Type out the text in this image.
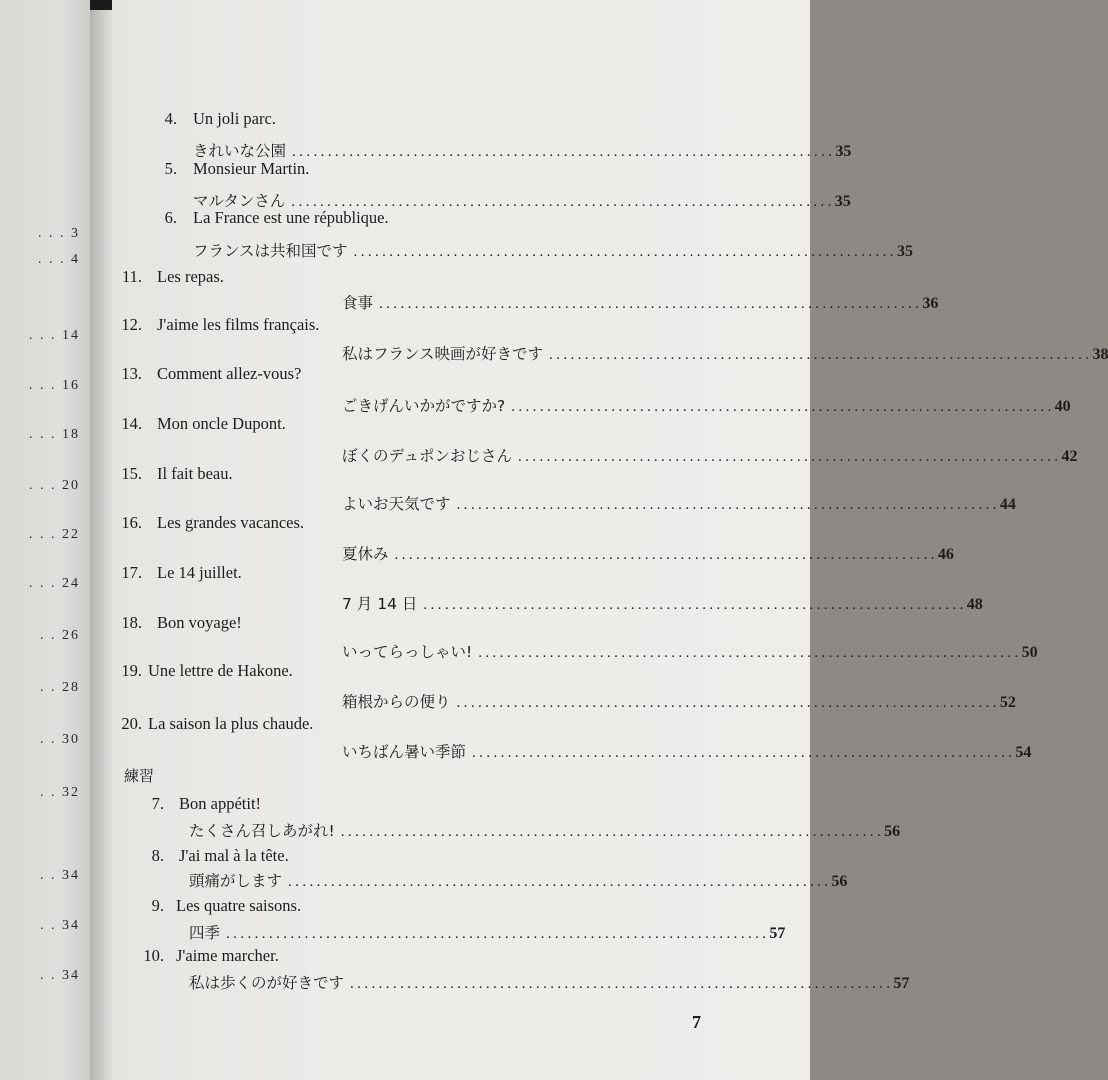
. . . 3
. . . 4
. . . 14
. . . 16
. . . 18
. . . 20
. . . 22
. . . 24
. . 26
. . 28
. . 30
. . 32
. . 34
. . 34
. . 34
4. Un joli parc.
きれいな公園 ............................................................................ 35
5. Monsieur Martin.
マルタンさん ............................................................................ 35
6. La France est une république.
フランスは共和国です ............................................................................ 35
11. Les repas.
食事 ............................................................................ 36
12. J'aime les films français.
私はフランス映画が好きです ............................................................................ 38
13. Comment allez-vous?
ごきげんいかがですか? ............................................................................ 40
14. Mon oncle Dupont.
ぼくのデュポンおじさん ............................................................................ 42
15. Il fait beau.
よいお天気です ............................................................................ 44
16. Les grandes vacances.
夏休み ............................................................................ 46
17. Le 14 juillet.
7 月 14 日 ............................................................................ 48
18. Bon voyage!
いってらっしゃい! ............................................................................ 50
19. Une lettre de Hakone.
箱根からの便り ............................................................................ 52
20. La saison la plus chaude.
いちばん暑い季節 ............................................................................ 54
練習
7. Bon appétit!
たくさん召しあがれ! ............................................................................ 56
8. J'ai mal à la tête.
頭痛がします ............................................................................ 56
9. Les quatre saisons.
四季 ............................................................................ 57
10. J'aime marcher.
私は歩くのが好きです ............................................................................ 57
7
